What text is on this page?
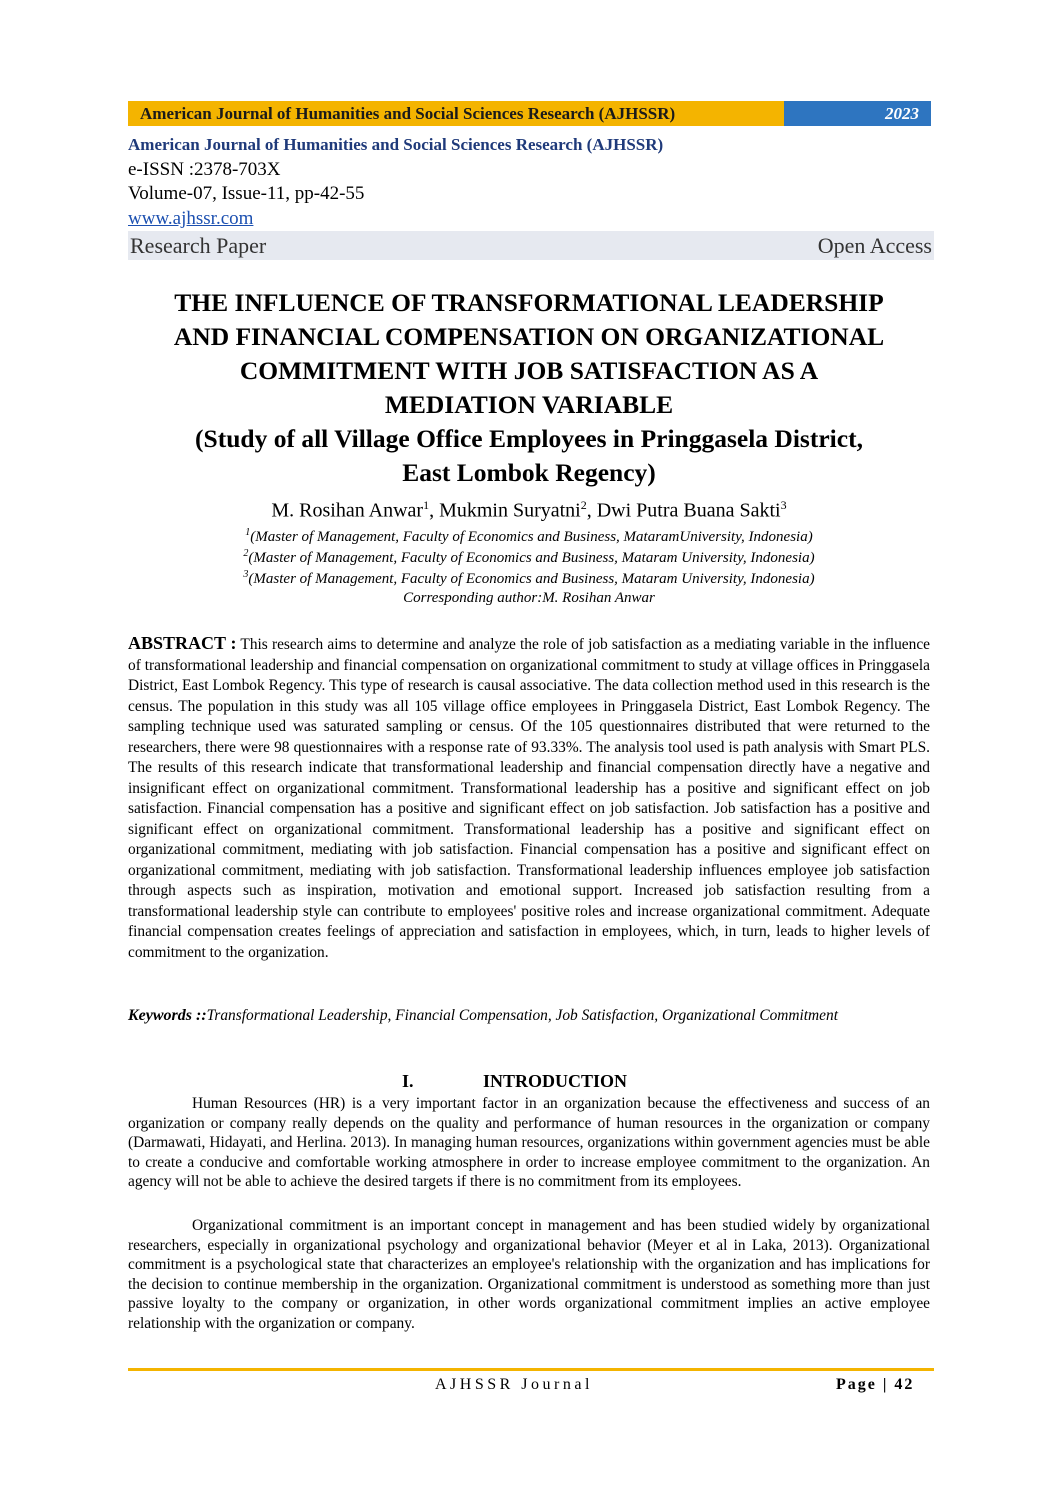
American Journal of Humanities and Social Sciences Research (AJHSSR)	2023
American Journal of Humanities and Social Sciences Research (AJHSSR)
e-ISSN :2378-703X
Volume-07, Issue-11, pp-42-55
www.ajhssr.com
Research Paper	Open Access
THE INFLUENCE OF TRANSFORMATIONAL LEADERSHIP
AND FINANCIAL COMPENSATION ON ORGANIZATIONAL
COMMITMENT WITH JOB SATISFACTION AS A
MEDIATION VARIABLE
(Study of all Village Office Employees in Pringgasela District,
East Lombok Regency)
M. Rosihan Anwar$^1$, Mukmin Suryatni$^2$, Dwi Putra Buana Sakti$^3$
$^1$(Master of Management, Faculty of Economics and Business, MataramUniversity, Indonesia)
$^2$(Master of Management, Faculty of Economics and Business, Mataram University, Indonesia)
$^3$(Master of Management, Faculty of Economics and Business, Mataram University, Indonesia)
Corresponding author:M. Rosihan Anwar
ABSTRACT : This research aims to determine and analyze the role of job satisfaction as a mediating variable in the influence of transformational leadership and financial compensation on organizational commitment to study at village offices in Pringgasela District, East Lombok Regency. This type of research is causal associative. The data collection method used in this research is the census. The population in this study was all 105 village office employees in Pringgasela District, East Lombok Regency. The sampling technique used was saturated sampling or census. Of the 105 questionnaires distributed that were returned to the researchers, there were 98 questionnaires with a response rate of 93.33%. The analysis tool used is path analysis with Smart PLS. The results of this research indicate that transformational leadership and financial compensation directly have a negative and insignificant effect on organizational commitment. Transformational leadership has a positive and significant effect on job satisfaction. Financial compensation has a positive and significant effect on job satisfaction. Job satisfaction has a positive and significant effect on organizational commitment. Transformational leadership has a positive and significant effect on organizational commitment, mediating with job satisfaction. Financial compensation has a positive and significant effect on organizational commitment, mediating with job satisfaction. Transformational leadership influences employee job satisfaction through aspects such as inspiration, motivation and emotional support. Increased job satisfaction resulting from a transformational leadership style can contribute to employees' positive roles and increase organizational commitment. Adequate financial compensation creates feelings of appreciation and satisfaction in employees, which, in turn, leads to higher levels of commitment to the organization.
Keywords ::Transformational Leadership, Financial Compensation, Job Satisfaction, Organizational Commitment
I.	INTRODUCTION
Human Resources (HR) is a very important factor in an organization because the effectiveness and success of an organization or company really depends on the quality and performance of human resources in the organization or company (Darmawati, Hidayati, and Herlina. 2013). In managing human resources, organizations within government agencies must be able to create a conducive and comfortable working atmosphere in order to increase employee commitment to the organization. An agency will not be able to achieve the desired targets if there is no commitment from its employees.
Organizational commitment is an important concept in management and has been studied widely by organizational researchers, especially in organizational psychology and organizational behavior (Meyer et al in Laka, 2013). Organizational commitment is a psychological state that characterizes an employee's relationship with the organization and has implications for the decision to continue membership in the organization. Organizational commitment is understood as something more than just passive loyalty to the company or organization, in other words organizational commitment implies an active employee relationship with the organization or company.
AJHSSR Journal	Page | 42
